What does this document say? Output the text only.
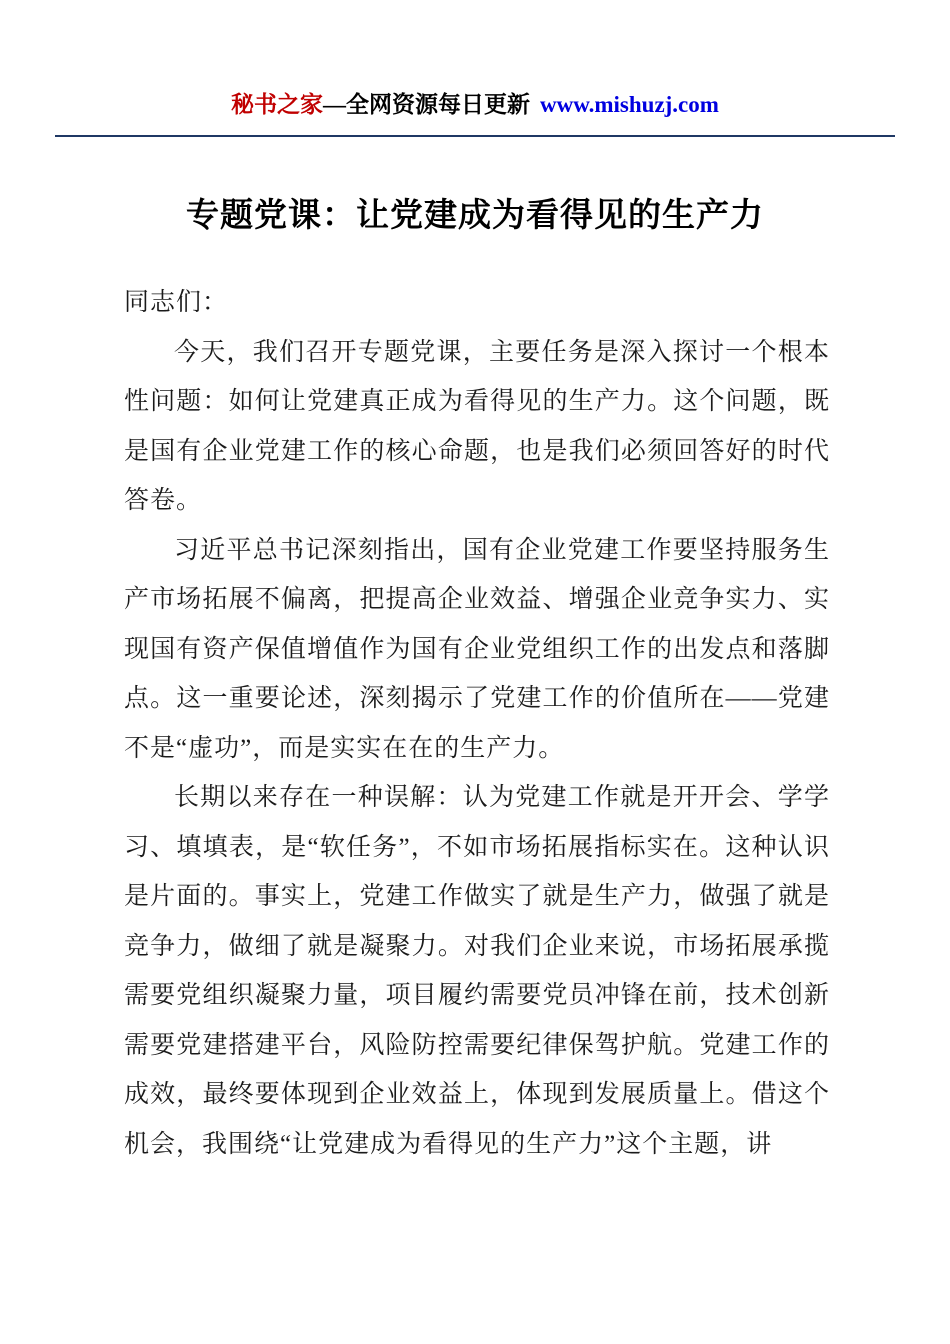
秘书之家—全网资源每日更新 www.mishuzj.com
专题党课：让党建成为看得见的生产力

同志们：

今天，我们召开专题党课，主要任务是深入探讨一个根本性问题：如何让党建真正成为看得见的生产力。这个问题，既是国有企业党建工作的核心命题，也是我们必须回答好的时代答卷。

习近平总书记深刻指出，国有企业党建工作要坚持服务生产市场拓展不偏离，把提高企业效益、增强企业竞争实力、实现国有资产保值增值作为国有企业党组织工作的出发点和落脚点。这一重要论述，深刻揭示了党建工作的价值所在——党建不是“虚功”，而是实实在在的生产力。

长期以来存在一种误解：认为党建工作就是开开会、学学习、填填表，是“软任务”，不如市场拓展指标实在。这种认识是片面的。事实上，党建工作做实了就是生产力，做强了就是竞争力，做细了就是凝聚力。对我们企业来说，市场拓展承揽需要党组织凝聚力量，项目履约需要党员冲锋在前，技术创新需要党建搭建平台，风险防控需要纪律保驾护航。党建工作的成效，最终要体现到企业效益上，体现到发展质量上。借这个机会，我围绕“让党建成为看得见的生产力”这个主题，讲
